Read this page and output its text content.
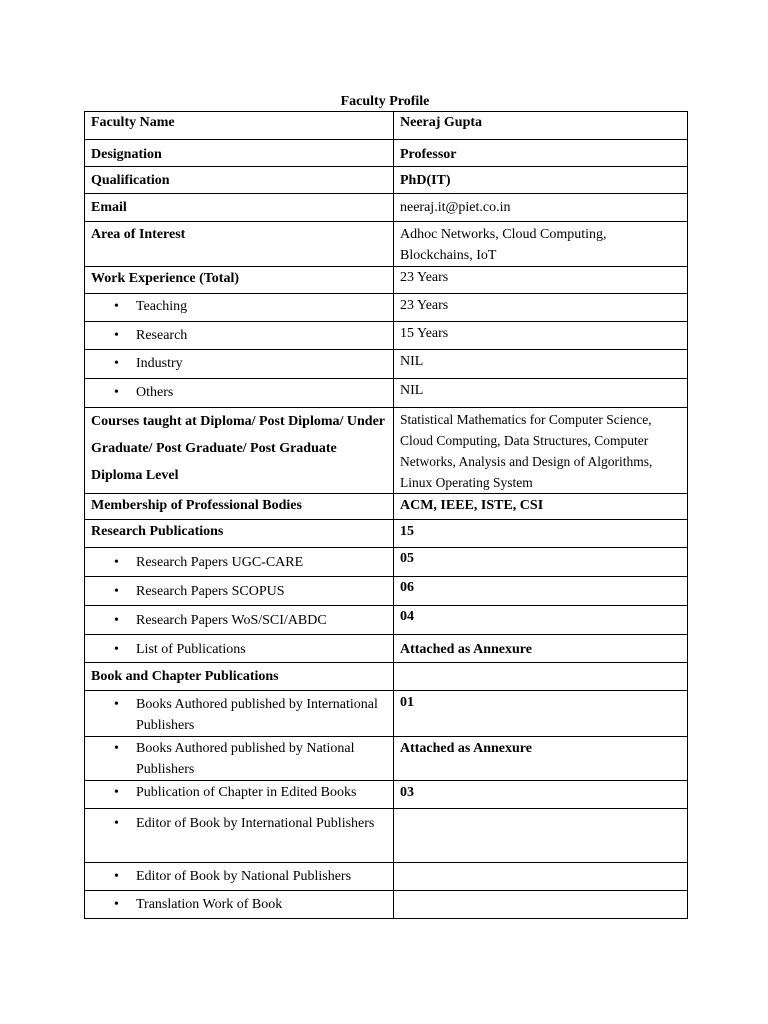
Faculty Profile
Faculty Name	Neeraj Gupta
Designation	Professor
Qualification	PhD(IT)
Email	neeraj.it@piet.co.in
Area of Interest	Adhoc Networks, Cloud Computing, Blockchains, IoT
Work Experience (Total)	23 Years

• Teaching	23 Years

• Research	15 Years

• Industry	NIL

• Others	NIL
Courses taught at Diploma/ Post Diploma/ Under Graduate/ Post Graduate/ Post Graduate Diploma Level	Statistical Mathematics for Computer Science, Cloud Computing, Data Structures, Computer Networks, Analysis and Design of Algorithms, Linux Operating System
Membership of Professional Bodies	ACM, IEEE, ISTE, CSI
Research Publications	15

• Research Papers UGC-CARE	05

• Research Papers SCOPUS	06

• Research Papers WoS/SCI/ABDC	04

• List of Publications	Attached as Annexure
Book and Chapter Publications	

• Books Authored published by International Publishers	01

• Books Authored published by National Publishers	Attached as Annexure

• Publication of Chapter in Edited Books	03

• Editor of Book by International Publishers	

• Editor of Book by National Publishers	

• Translation Work of Book	
